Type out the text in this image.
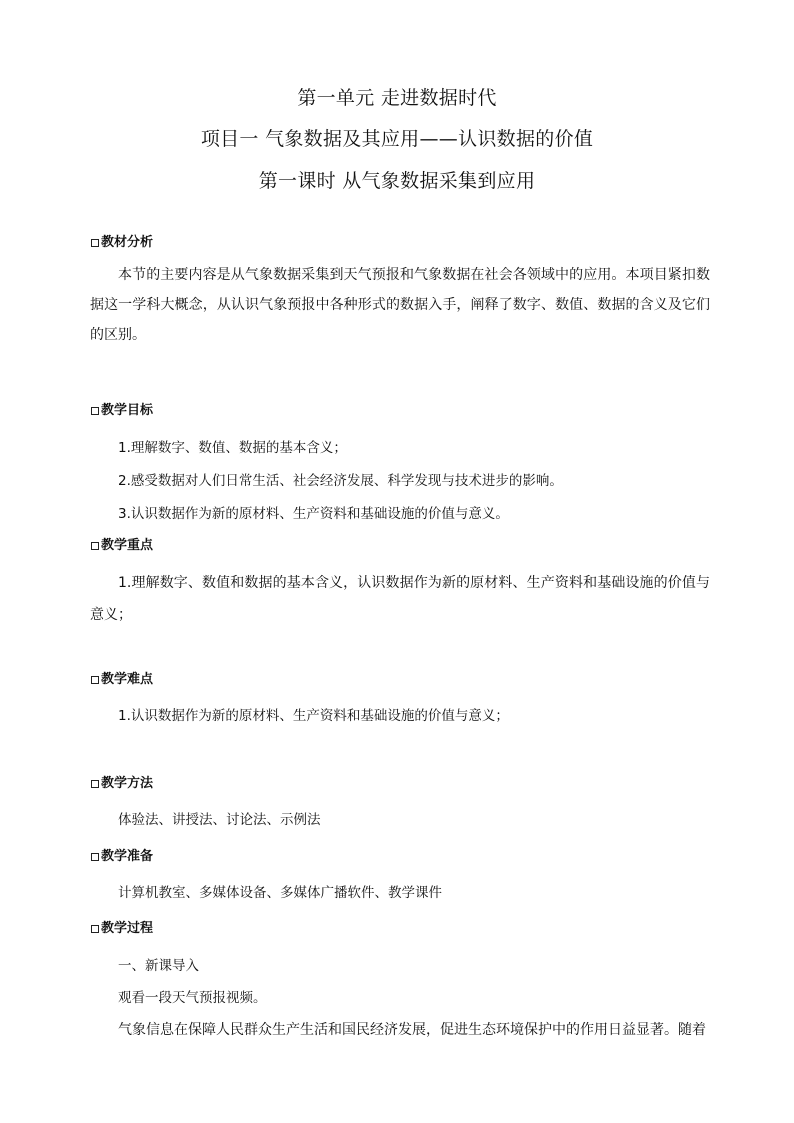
第一单元 走进数据时代
项目一 气象数据及其应用——认识数据的价值
第一课时 从气象数据采集到应用
教材分析

本节的主要内容是从气象数据采集到天气预报和气象数据在社会各领域中的应用。本项目紧扣数据这一学科大概念，从认识气象预报中各种形式的数据入手，阐释了数字、数值、数据的含义及它们的区别。

教学目标

1.理解数字、数值、数据的基本含义；

2.感受数据对人们日常生活、社会经济发展、科学发现与技术进步的影响。

3.认识数据作为新的原材料、生产资料和基础设施的价值与意义。

教学重点

1.理解数字、数值和数据的基本含义，认识数据作为新的原材料、生产资料和基础设施的价值与意义；

教学难点

1.认识数据作为新的原材料、生产资料和基础设施的价值与意义；

教学方法

体验法、讲授法、讨论法、示例法

教学准备

计算机教室、多媒体设备、多媒体广播软件、教学课件

教学过程

一、新课导入

观看一段天气预报视频。

气象信息在保障人民群众生产生活和国民经济发展，促进生态环境保护中的作用日益显著。随着
